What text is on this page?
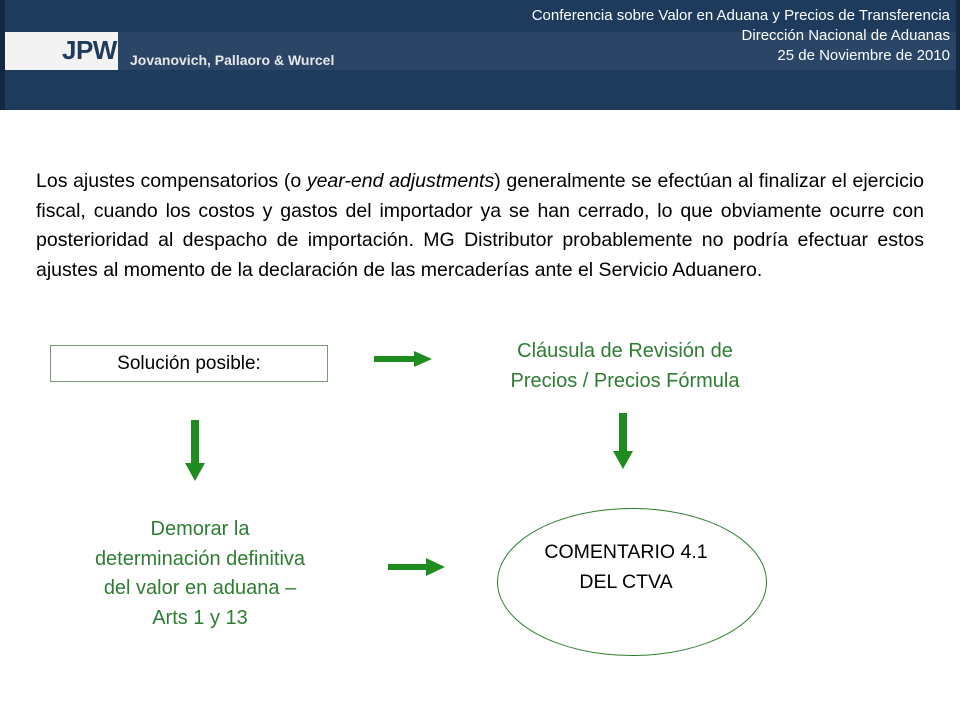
JPW Jovanovich, Pallaoro & Wurcel
Conferencia sobre Valor en Aduana y Precios de Transferencia
Dirección Nacional de Aduanas
25 de Noviembre de 2010
Los ajustes compensatorios (o year-end adjustments) generalmente se efectúan al finalizar el ejercicio fiscal, cuando los costos y gastos del importador ya se han cerrado, lo que obviamente ocurre con posterioridad al despacho de importación. MG Distributor probablemente no podría efectuar estos ajustes al momento de la declaración de las mercaderías ante el Servicio Aduanero.
Solución posible:
Cláusula de Revisión de
Precios / Precios Fórmula
Demorar la
determinación definitiva
del valor en aduana –
Arts 1 y 13
COMENTARIO 4.1
DEL CTVA
